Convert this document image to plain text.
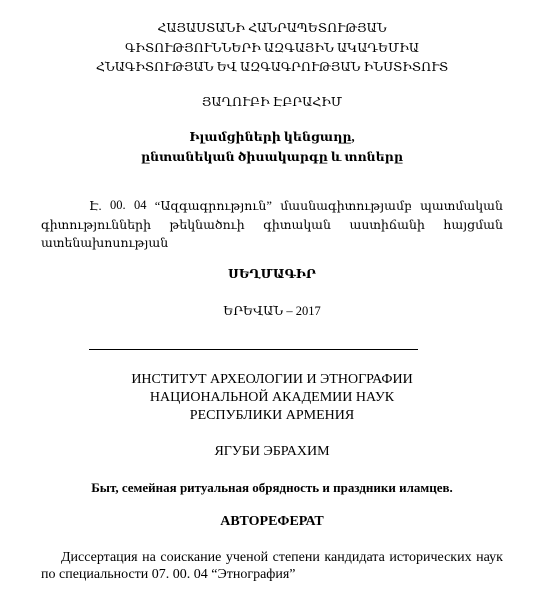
ՀԱՅԱՍՏԱՆԻ ՀԱՆՐԱՊԵՏՈՒԹՅԱՆ
ԳԻՏՈՒԹՅՈՒՆՆԵՐԻ ԱԶԳԱՅԻՆ ԱԿԱԴԵՄԻԱ
ՀՆԱԳԻՏՈՒԹՅԱՆ ԵՎ ԱԶԳԱԳՐՈՒԹՅԱՆ ԻՆՍՏԻՏՈՒՏ
ՅԱՂՈՒԲԻ ԷԲՐԱՀԻՄ
Իլամցիների կենցաղը,
ընտանեկան ծիսակարգը և տոները
Է. 00. 04 “Ազգագրություն” մասնագիտությամբ պատմական
գիտությունների թեկնածուի գիտական աստիճանի հայցման
ատենախոսության
ՍԵՂՄԱԳԻՐ
ԵՐԵՎԱՆ – 2017
ИНСТИТУТ АРХЕОЛОГИИ И ЭТНОГРАФИИ
НАЦИОНАЛЬНОЙ АКАДЕМИИ НАУК
РЕСПУБЛИКИ АРМЕНИЯ
ЯГУБИ ЭБРАХИМ
Быт, семейная ритуальная обрядность и праздники иламцев.
АВТОРЕФЕРАТ
Диссертация на соискание ученой степени кандидата исторических наук
по специальности 07. 00. 04 “Этнография”
